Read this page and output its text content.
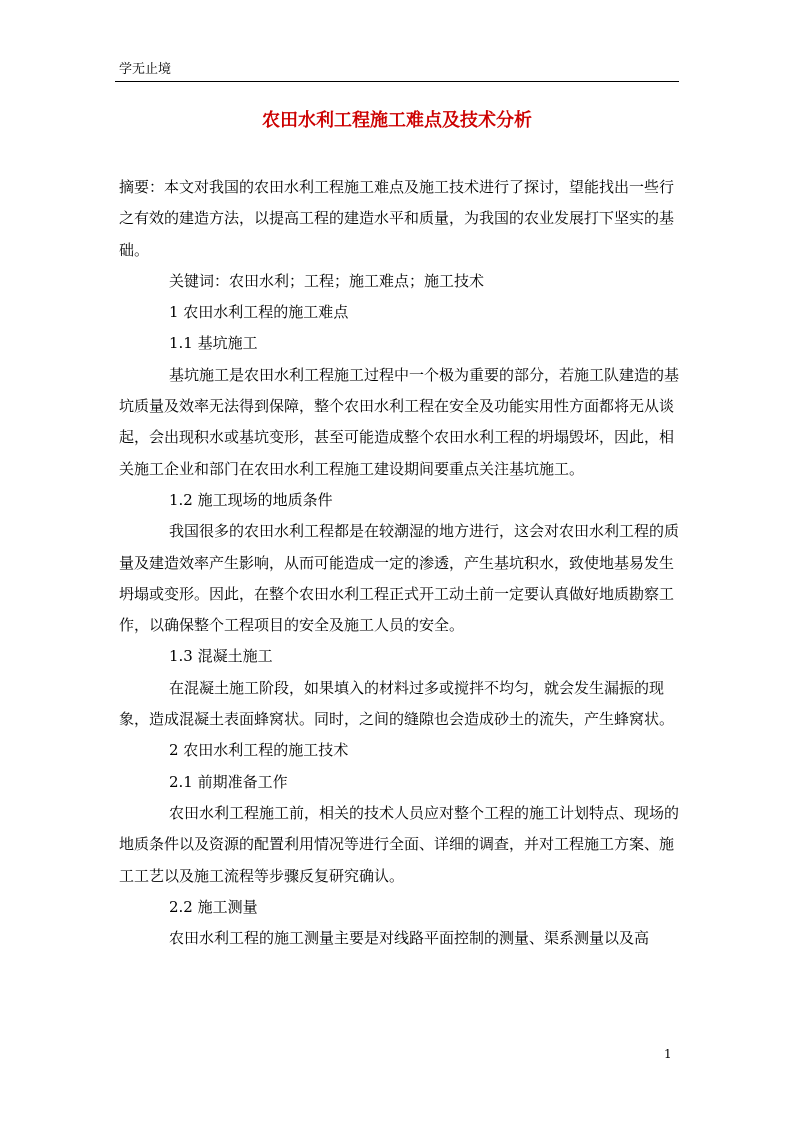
学无止境
农田水利工程施工难点及技术分析

摘要：本文对我国的农田水利工程施工难点及施工技术进行了探讨，望能找出一些行之有效的建造方法，以提高工程的建造水平和质量，为我国的农业发展打下坚实的基础。

关键词：农田水利；工程；施工难点；施工技术

1 农田水利工程的施工难点

1.1 基坑施工

基坑施工是农田水利工程施工过程中一个极为重要的部分，若施工队建造的基坑质量及效率无法得到保障，整个农田水利工程在安全及功能实用性方面都将无从谈起，会出现积水或基坑变形，甚至可能造成整个农田水利工程的坍塌毁坏，因此，相关施工企业和部门在农田水利工程施工建设期间要重点关注基坑施工。

1.2 施工现场的地质条件

我国很多的农田水利工程都是在较潮湿的地方进行，这会对农田水利工程的质量及建造效率产生影响，从而可能造成一定的渗透，产生基坑积水，致使地基易发生坍塌或变形。因此，在整个农田水利工程正式开工动土前一定要认真做好地质勘察工作，以确保整个工程项目的安全及施工人员的安全。

1.3 混凝土施工

在混凝土施工阶段，如果填入的材料过多或搅拌不均匀，就会发生漏振的现象，造成混凝土表面蜂窝状。同时，之间的缝隙也会造成砂土的流失，产生蜂窝状。

2 农田水利工程的施工技术

2.1 前期准备工作

农田水利工程施工前，相关的技术人员应对整个工程的施工计划特点、现场的地质条件以及资源的配置利用情况等进行全面、详细的调查，并对工程施工方案、施工工艺以及施工流程等步骤反复研究确认。

2.2 施工测量

农田水利工程的施工测量主要是对线路平面控制的测量、渠系测量以及高

1
